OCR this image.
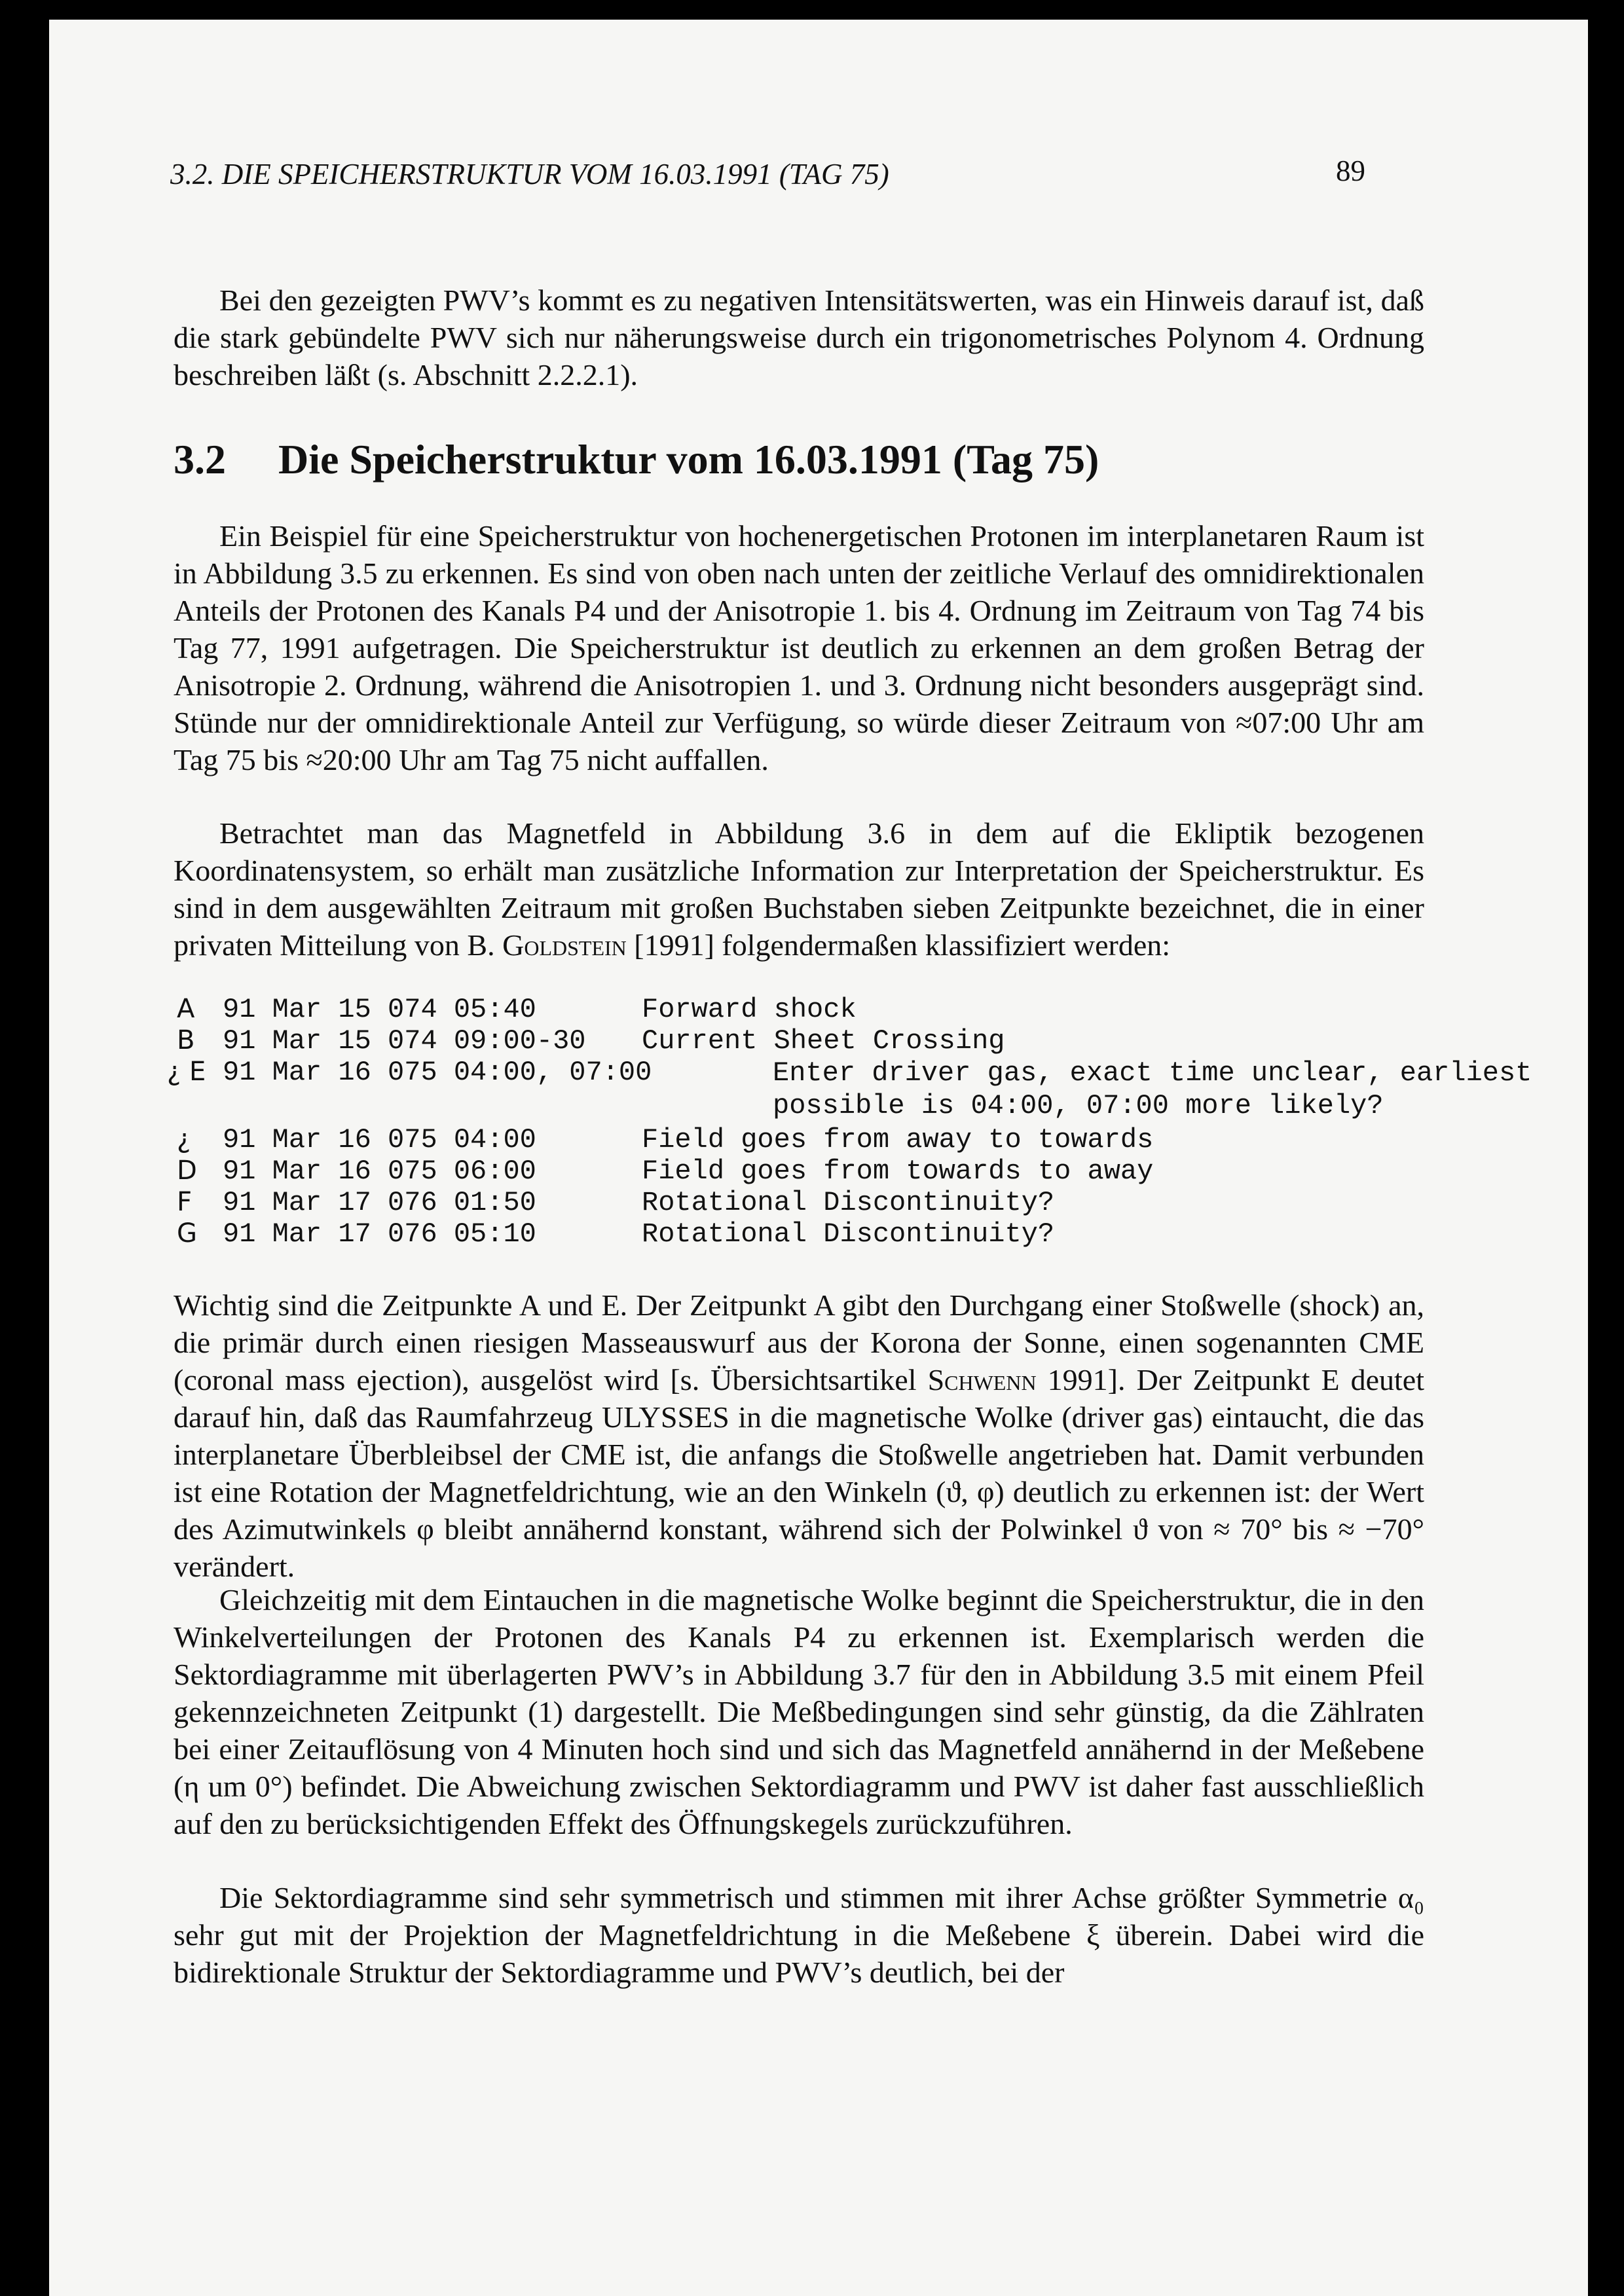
3.2. DIE SPEICHERSTRUKTUR VOM 16.03.1991 (TAG 75)	89

Bei den gezeigten PWV’s kommt es zu negativen Intensitätswerten, was ein Hinweis darauf ist, daß die stark gebündelte PWV sich nur näherungsweise durch ein trigonometrisches Polynom 4. Ordnung beschreiben läßt (s. Abschnitt 2.2.2.1).

3.2 Die Speicherstruktur vom 16.03.1991 (Tag 75)

Ein Beispiel für eine Speicherstruktur von hochenergetischen Protonen im interplanetaren Raum ist in Abbildung 3.5 zu erkennen. Es sind von oben nach unten der zeitliche Verlauf des omnidirektionalen Anteils der Protonen des Kanals P4 und der Anisotropie 1. bis 4. Ordnung im Zeitraum von Tag 74 bis Tag 77, 1991 aufgetragen. Die Speicherstruktur ist deutlich zu erkennen an dem großen Betrag der Anisotropie 2. Ordnung, während die Anisotropien 1. und 3. Ordnung nicht besonders ausgeprägt sind. Stünde nur der omnidirektionale Anteil zur Verfügung, so würde dieser Zeitraum von ≈07:00 Uhr am Tag 75 bis ≈20:00 Uhr am Tag 75 nicht auffallen.

Betrachtet man das Magnetfeld in Abbildung 3.6 in dem auf die Ekliptik bezogenen Koordinatensystem, so erhält man zusätzliche Information zur Interpretation der Speicherstruktur. Es sind in dem ausgewählten Zeitraum mit großen Buchstaben sieben Zeitpunkte bezeichnet, die in einer privaten Mitteilung von B. Goldstein [1991] folgendermaßen klassifiziert werden:

A 91 Mar 15 074 05:40	Forward shock
B 91 Mar 15 074 09:00-30 Current Sheet Crossing
¿ E 91 Mar 16 075 04:00, 07:00	Enter driver gas, exact time unclear, earliest
possible is 04:00, 07:00 more likely?
¿ 91 Mar 16 075 04:00	Field goes from away to towards
D 91 Mar 16 075 06:00	Field goes from towards to away
F 91 Mar 17 076 01:50	Rotational Discontinuity?
G 91 Mar 17 076 05:10	Rotational Discontinuity?

Wichtig sind die Zeitpunkte A und E. Der Zeitpunkt A gibt den Durchgang einer Stoßwelle (shock) an, die primär durch einen riesigen Masseauswurf aus der Korona der Sonne, einen sogenannten CME (coronal mass ejection), ausgelöst wird [s. Übersichtsartikel Schwenn 1991]. Der Zeitpunkt E deutet darauf hin, daß das Raumfahrzeug ULYSSES in die magnetische Wolke (driver gas) eintaucht, die das interplanetare Überbleibsel der CME ist, die anfangs die Stoßwelle angetrieben hat. Damit verbunden ist eine Rotation der Magnetfeldrichtung, wie an den Winkeln (ϑ, φ) deutlich zu erkennen ist: der Wert des Azimutwinkels φ bleibt annähernd konstant, während sich der Polwinkel ϑ von ≈ 70° bis ≈ −70° verändert.

Gleichzeitig mit dem Eintauchen in die magnetische Wolke beginnt die Speicherstruktur, die in den Winkelverteilungen der Protonen des Kanals P4 zu erkennen ist. Exemplarisch werden die Sektordiagramme mit überlagerten PWV’s in Abbildung 3.7 für den in Abbildung 3.5 mit einem Pfeil gekennzeichneten Zeitpunkt (1) dargestellt. Die Meßbedingungen sind sehr günstig, da die Zählraten bei einer Zeitauflösung von 4 Minuten hoch sind und sich das Magnetfeld annähernd in der Meßebene (η um 0°) befindet. Die Abweichung zwischen Sektordiagramm und PWV ist daher fast ausschließlich auf den zu berücksichtigenden Effekt des Öffnungskegels zurückzuführen.

Die Sektordiagramme sind sehr symmetrisch und stimmen mit ihrer Achse größter Symmetrie α₀ sehr gut mit der Projektion der Magnetfeldrichtung in die Meßebene ξ überein. Dabei wird die bidirektionale Struktur der Sektordiagramme und PWV’s deutlich, bei der
